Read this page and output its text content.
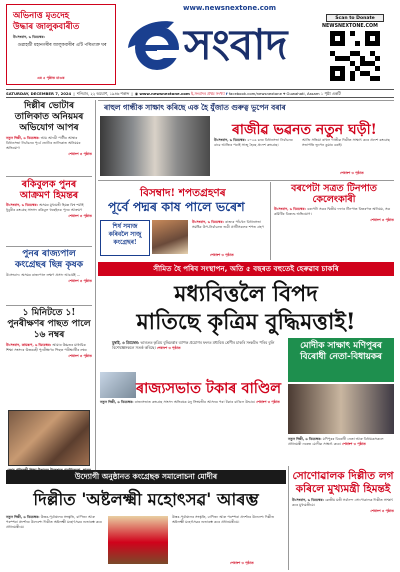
অভিনাত্ত মৃতদেহ
উদ্ধাৰ জালুকবাৰীত
উ:সংবাদ, ৬ ডিচেম্বৰ:
গুৱাহাটী মহানগৰীৰ জালুকবাৰীৰ এটি পৰিত্যক্ত ঘৰ
এৰ ৫ পৃষ্ঠাত চাওক
www.newsnextone.com
সংবাদ
Scan to Donate
NEWSNEXTONE.COM
SATURDAY, DECEMBER 7, 2024 | শনিবাৰ, ২২ অঘোণ, ১৯৪৬ শকাব্দ | ◉ www.newsnextone.com ই-সংবাদৰ প্ৰথম সংখ্যা f facebook.com/newsnextone ⌖ Guwahati, Assam ১ পৃষ্ঠা একটি
দিল্লীৰ ভোটাৰ তালিকাত অনিয়মৰ অভিযোগ আপৰ
নতুন দিল্লী, ৬ ডিচেম্বৰ: আম আদমী পাৰ্টীৰ আম্বাৰ বিধানসভা নিৰ্বাচনৰ পূৰ্বে ভোটাৰ তালিকাত অনিয়মৰ অভিযোগ
শেষাংশ ৩ পৃষ্ঠাত
ৰকিবুলক পুনৰ আক্ৰমণ হিমন্তৰ
উ:সংবাদ, ৬ ডিচেম্বৰ: অসমৰ মুখ্যমন্ত্ৰী হিমন্ত বিশ্ব শৰ্মাই ধুবুৰীৰ কংগ্ৰেছ সাংসদ ৰকিবুল হুছেইনক পুনৰ আক্ৰমণ
শেষাংশ ৩ পৃষ্ঠাত
পুনৰ ৰাজ্যপাল কংগ্ৰেছৰ ছিন্ন কৃষক
উ:সংবাদ: অসমৰ ৰাজ্যপাল লক্ষণ প্ৰসাদ আচাৰ্যই ...
শেষাংশ ৩ পৃষ্ঠাত
১ মিনিটতে ১! পুনৰীক্ষণৰ পাছত পালে ১৬ নম্বৰ
উ:সংবাদ, কামৰূপ, ৬ ডিচেম্বৰ: আমাৰ উচ্চতৰ মাধ্যমিক শিক্ষা সংসদৰ উত্তৰবহী পুনৰীক্ষণৰ পিছত পৰীক্ষাৰ্থীৰ নম্বৰ
শেষাংশ ৩ পৃষ্ঠাত
ৰাহুল গান্ধীক সাক্ষাৎ কৰিছে এক হৈ যুঁজাত গুৰুত্ব ভুপেন বৰাৰ
ৰাজীৱ ভৱনত নতুন ঘড়ী!
উ:সংবাদ, ৬ ডিচেম্বৰ: ২০২৬ চনৰ বিধানসভা নিৰ্বাচনৰ বাবে আজিৰ পৰাই সাজু হৈছে প্ৰদেশ কংগ্ৰেছ।
আজি সন্ধিয়া ৰাহুল গান্ধীক দিল্লীত সাক্ষাৎ কৰে প্ৰদেশ কংগ্ৰেছ সভাপতি ভূপেন কুমাৰ বৰাই।
শেষাংশ ৩ পৃষ্ঠাত
বিসম্বাদ! শপতগ্ৰহণৰ
পূৰ্বে পদ্মৰ কাষ পালে ভৰেশ
শিৰ্ষ সমাজ কৰিবলৈ সাজু কংগ্ৰেছৰ!
উ:সংবাদ, ৬ ডিচেম্বৰ: ৰাজ্যৰ পাঁচখন বিধানসভা সমষ্টিৰ উপ-নিৰ্বাচনত জয়ী প্ৰাৰ্থীসকলৰ শপত গ্ৰহণ
শেষাংশ ৩ পৃষ্ঠাত
বৰপেটা সত্ৰত টিনপাত কেলেংকাৰী
উ:সংবাদ, ৬ ডিচেম্বৰ: বৰপেটা সত্ৰৰ দ্বিতীয় দফাৰ টিনপাত বিতৰণত অনিয়ম, সত্ৰ কমিটিৰ বিৰুদ্ধে অভিযোগ।
শেষাংশ ৩ পৃষ্ঠাত
সীমিত হৈ পৰিব সংস্থাপন, অতি ৫ বছৰত বহুতেই হেৰুৱাব চাকৰি
মধ্যবিত্তলৈ বিপদ
মাতিছে কৃত্ৰিম বুদ্ধিমত্তাই!
মুম্বাই, ৬ ডিচেম্বৰ: ভাৰতত কৃত্ৰিম বুদ্ধিমত্তাৰ ব্যাপক প্ৰয়োগৰ ফলত মধ্যবিত্ত শ্ৰেণীৰ চাকৰি সংকটত পৰিব বুলি বিশেষজ্ঞসকলে সতৰ্ক কৰিছে। শেষাংশ ৩ পৃষ্ঠাত	মোদীক সাক্ষাৎ মণিপুৰৰ বিৰোধী নেতা-বিধায়কৰ
নতুন দিল্লী, ৬ ডিচেম্বৰ: মণিপুৰৰ বিৰোধী নেতা আৰু বিধায়কসকলে প্ৰধানমন্ত্ৰী নৰেন্দ্ৰ মোদীক সাক্ষাৎ কৰে। শেষাংশ ৩ পৃষ্ঠাত
ৰাজ্যসভাত টকাৰ বাণ্ডিল
নতুন দিল্লী, ৬ ডিচেম্বৰ: ৰাজ্যসভাত কংগ্ৰেছ সাংসদ অভিষেক মনু সিংঘভীৰ আসনৰ পৰা টকাৰ বাণ্ডিল উদ্ধাৰ। শেষাংশ ৩ পৃষ্ঠাত
উদ্যোগী অনুষ্ঠানত কংগ্ৰেছক সমালোচনা মোদীৰ
দিল্লীত 'অষ্টলক্ষ্মী মহোৎসৱ' আৰম্ভ
নতুন দিল্লী, ৬ ডিচেম্বৰ: উত্তৰ-পূৰ্বাঞ্চলৰ সংস্কৃতি, বাণিজ্য আৰু পৰম্পৰা প্ৰদৰ্শনৰ উদ্দেশ্যে দিল্লীত অষ্টলক্ষ্মী মহোৎসৱৰ শুভাৰম্ভ কৰে প্ৰধানমন্ত্ৰীয়ে।
উত্তৰ-পূৰ্বাঞ্চলৰ সংস্কৃতি, বাণিজ্য আৰু পৰম্পৰা প্ৰদৰ্শনৰ উদ্দেশ্যে দিল্লীত অষ্টলক্ষ্মী মহোৎসৱৰ শুভাৰম্ভ কৰে প্ৰধানমন্ত্ৰীয়ে।
শেষাংশ ৩ পৃষ্ঠাত
সোণোৱালক দিল্লীত লগ কৰিলে মুখ্যমন্ত্ৰী হিমন্তই
উ:সংবাদ, ৬ ডিচেম্বৰ: কেন্দ্ৰীয় মন্ত্ৰী সৰ্বানন্দ সোণোৱালক দিল্লীত সাক্ষাৎ কৰে মুখ্যমন্ত্ৰীয়ে।
শেষাংশ ৩ পৃষ্ঠাত
